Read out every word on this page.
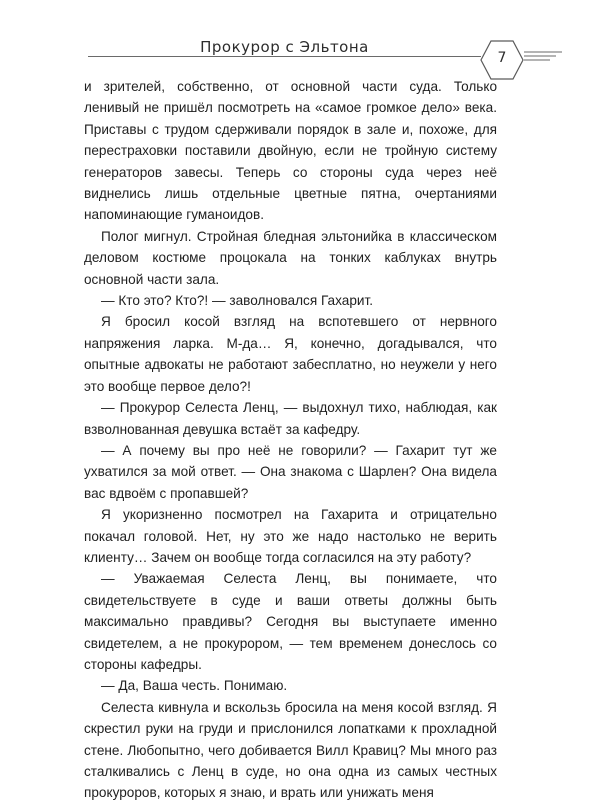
Прокурор с Эльтона
7

и зрителей, собственно, от основной части суда. Только ленивый не пришёл посмотреть на «самое громкое дело» века. Приставы с трудом сдерживали порядок в зале и, похоже, для перестраховки поставили двойную, если не тройную систему генераторов завесы. Теперь со стороны суда через неё виднелись лишь отдельные цветные пятна, очертаниями напоминающие гуманоидов.

Полог мигнул. Стройная бледная эльтонийка в классическом деловом костюме процокала на тонких каблуках внутрь основной части зала.

— Кто это? Кто?! — заволновался Гахарит.

Я бросил косой взгляд на вспотевшего от нервного напряжения ларка. М-да… Я, конечно, догадывался, что опытные адвокаты не работают забесплатно, но неужели у него это вообще первое дело?!

— Прокурор Селеста Ленц, — выдохнул тихо, наблюдая, как взволнованная девушка встаёт за кафедру.

— А почему вы про неё не говорили? — Гахарит тут же ухватился за мой ответ. — Она знакома с Шарлен? Она видела вас вдвоём с пропавшей?

Я укоризненно посмотрел на Гахарита и отрицательно покачал головой. Нет, ну это же надо настолько не верить клиенту… Зачем он вообще тогда согласился на эту работу?

— Уважаемая Селеста Ленц, вы понимаете, что свидетельствуете в суде и ваши ответы должны быть максимально правдивы? Сегодня вы выступаете именно свидетелем, а не прокурором, — тем временем донеслось со стороны кафедры.

— Да, Ваша честь. Понимаю.

Селеста кивнула и вскользь бросила на меня косой взгляд. Я скрестил руки на груди и прислонился лопатками к прохладной стене. Любопытно, чего добивается Вилл Кравиц? Мы много раз сталкивались с Ленц в суде, но она одна из самых честных прокуроров, которых я знаю, и врать или унижать меня
